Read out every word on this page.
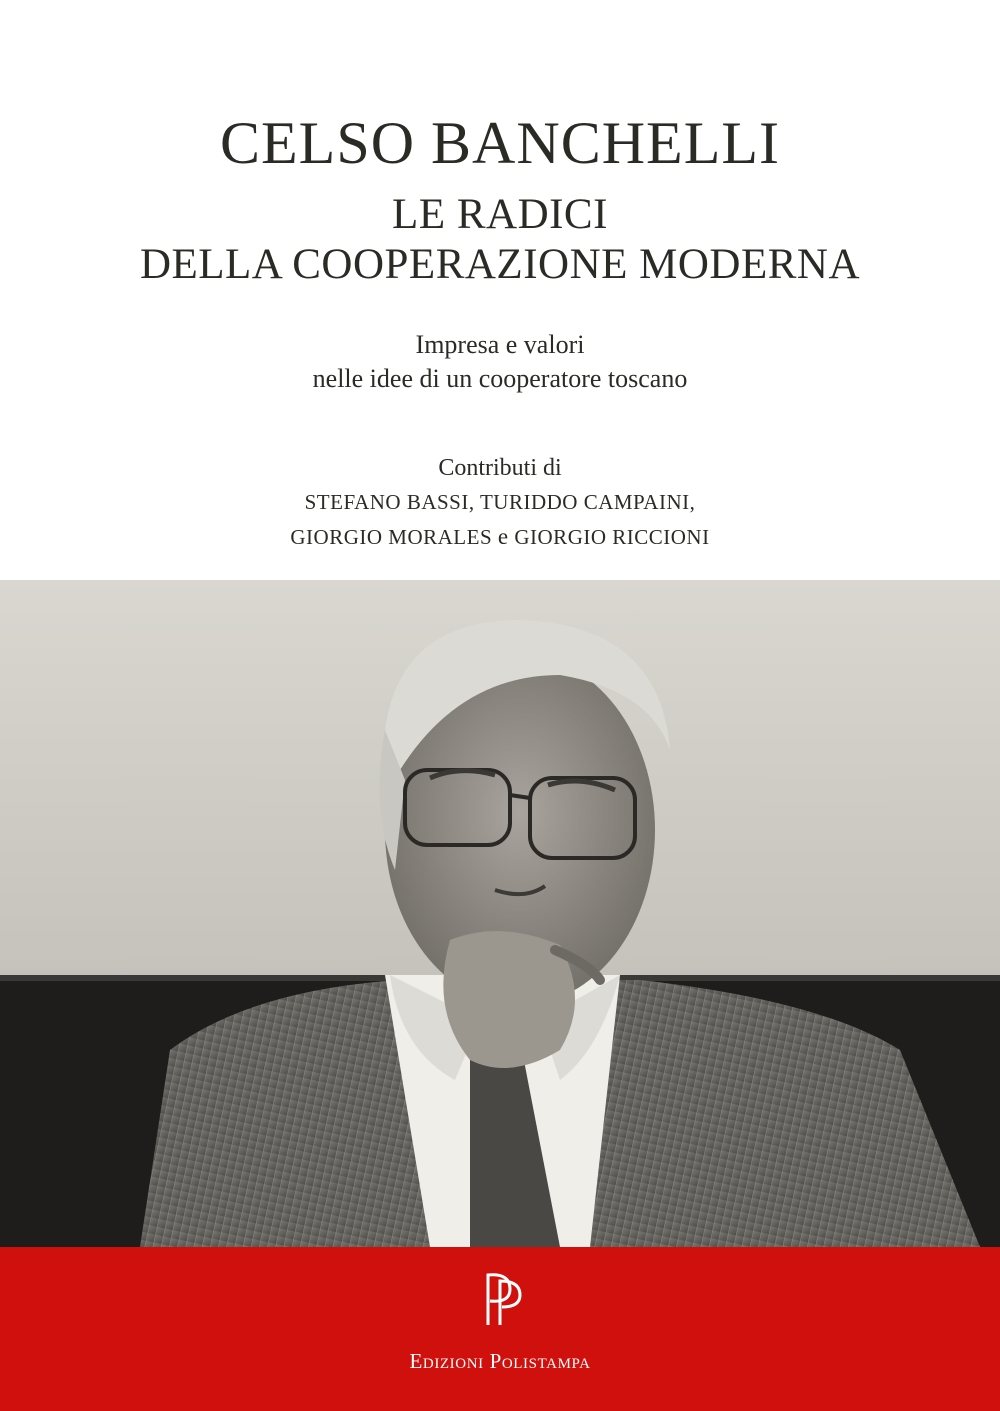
CELSO BANCHELLI
LE RADICI
DELLA COOPERAZIONE MODERNA
Impresa e valori
nelle idee di un cooperatore toscano
Contributi di
STEFANO BASSI, TURIDDO CAMPAINI,
GIORGIO MORALES e GIORGIO RICCIONI
Edizioni Polistampa
